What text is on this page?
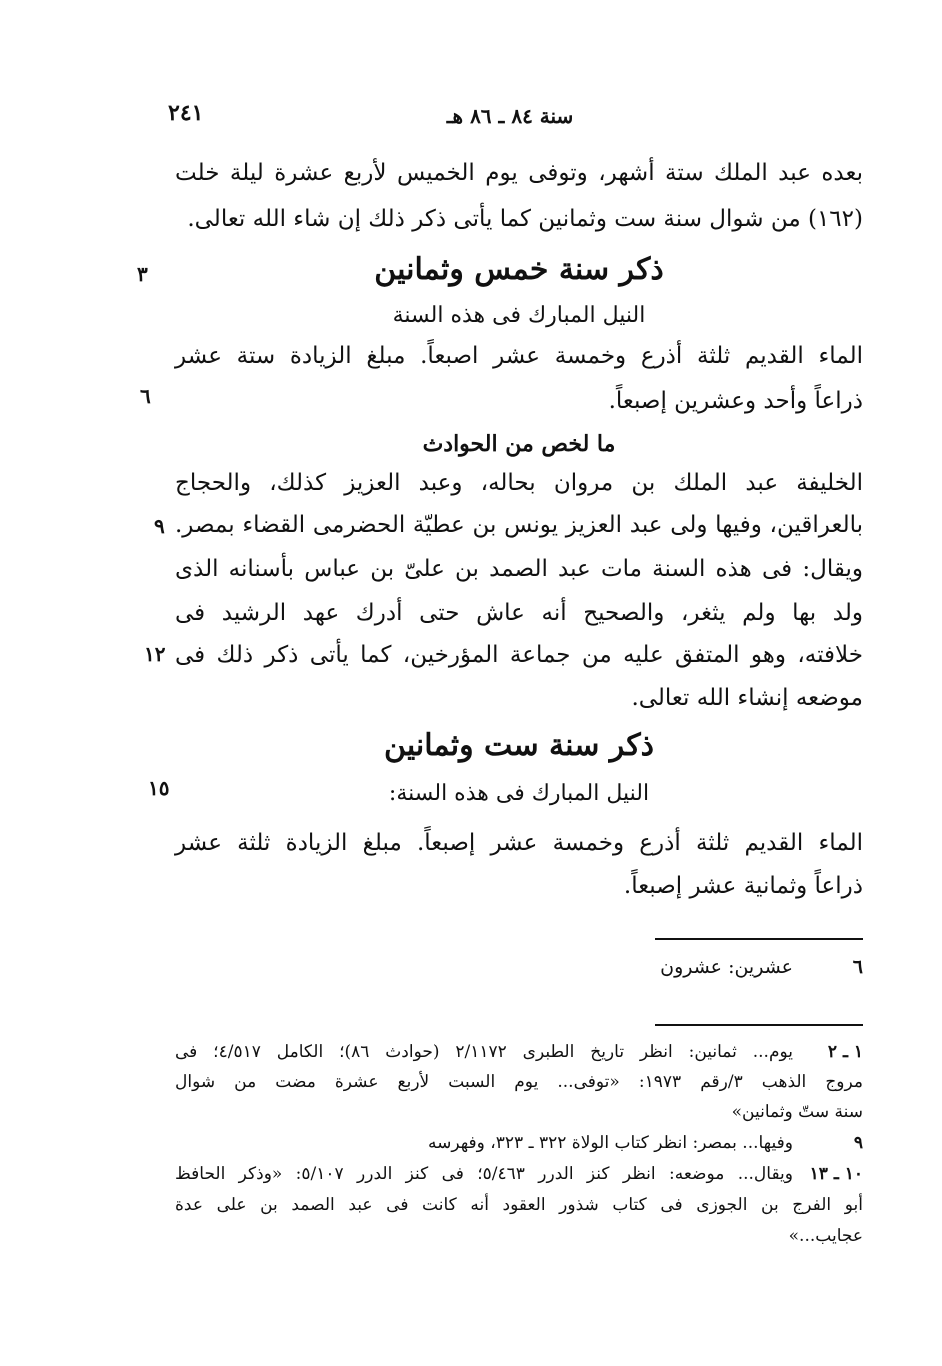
٢٤١	سنة ٨٤ ـ ٨٦ هـ
بعده عبد الملك ستة أشهر، وتوفى يوم الخميس لأربع عشرة ليلة خلت
(١٦٢) من شوال سنة ست وثمانين كما يأتى ذكر ذلك إن شاء الله تعالى.
ذكر سنة خمس وثمانين
٣
النيل المبارك فى هذه السنة
الماء القديم ثلثة أذرع وخمسة عشر اصبعاً. مبلغ الزيادة ستة عشر
ذراعاً وأحد وعشرين إصبعاً.
٦
ما لخص من الحوادث
الخليفة عبد الملك بن مروان بحاله، وعبد العزيز كذلك، والحجاج
بالعراقين، وفيها ولى عبد العزيز يونس بن عطيّة الحضرمى القضاء بمصر.
٩
ويقال: فى هذه السنة مات عبد الصمد بن علىّ بن عباس بأسنانه الذى
ولد بها ولم يثغر، والصحيح أنه عاش حتى أدرك عهد الرشيد فى
خلافته، وهو المتفق عليه من جماعة المؤرخين، كما يأتى ذكر ذلك فى
١٢
موضعه إنشاء الله تعالى.
ذكر سنة ست وثمانين
النيل المبارك فى هذه السنة:
١٥
الماء القديم ثلثة أذرع وخمسة عشر إصبعاً. مبلغ الزيادة ثلثة عشر
ذراعاً وثمانية عشر إصبعاً.
٦
عشرين: عشرون
١ ـ ٢
يوم... ثمانين: انظر تاريخ الطبرى ٢/١١٧٢ (حوادث ٨٦)؛ الكامل ٤/٥١٧؛ فى
مروج الذهب ٣/رقم ١٩٧٣: «توفى... يوم السبت لأربع عشرة مضت من شوال
سنة ستّ وثمانين»
٩
وفيها... بمصر: انظر كتاب الولاة ٣٢٢ ـ ٣٢٣، وفهرسه
١٠ ـ ١٣
ويقال... موضعه: انظر كنز الدرر ٥/٤٦٣؛ فى كنز الدرر ٥/١٠٧: «وذكر الحافظ
أبو الفرج بن الجوزى فى كتاب شذور العقود أنه كانت فى عبد الصمد بن على عدة
عجايب...»
